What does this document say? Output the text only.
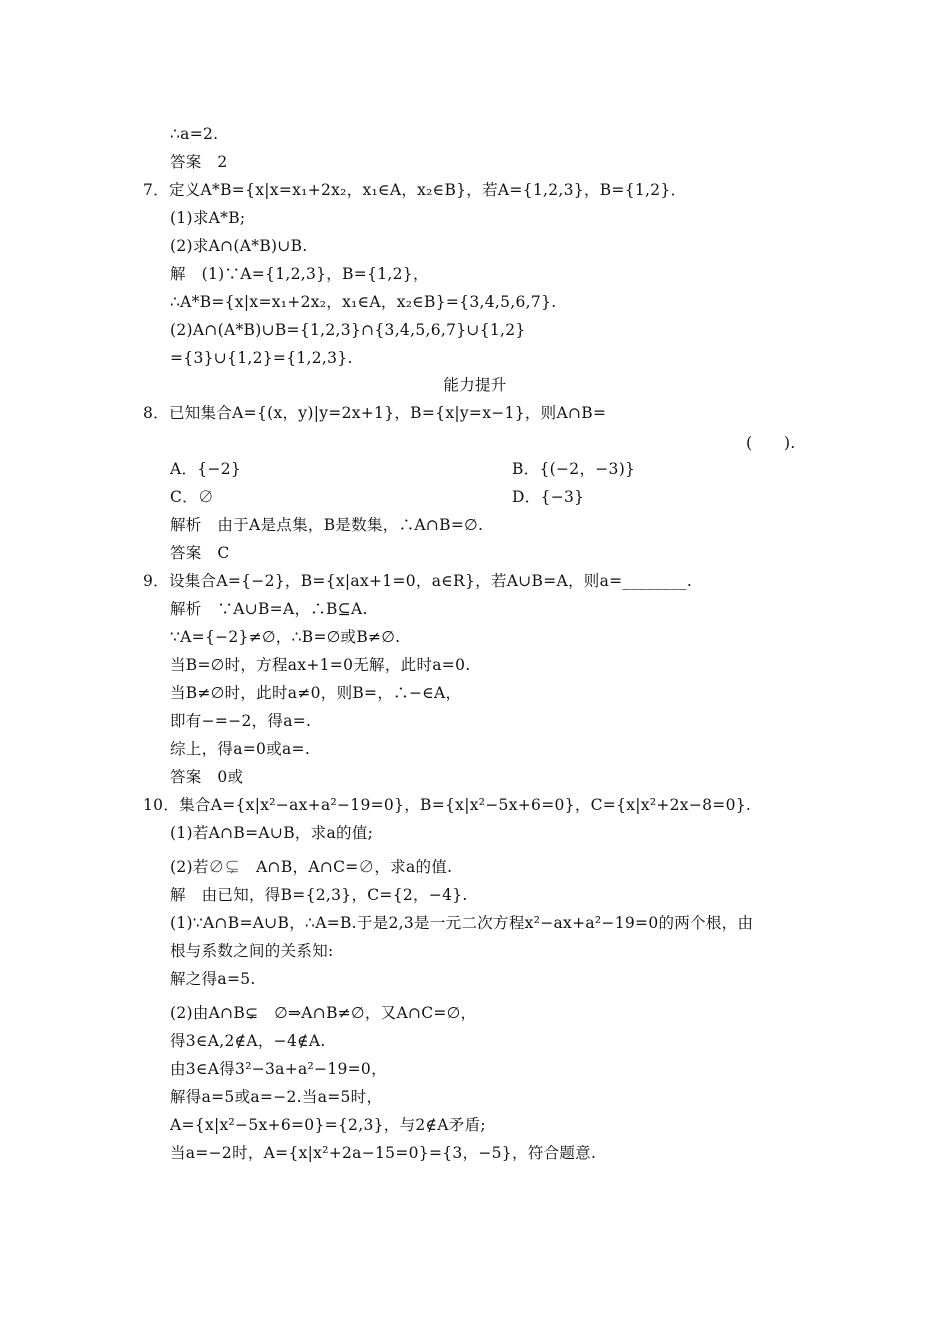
∴a=2.
答案　2
7．定义A*B={x|x=x₁+2x₂，x₁∈A，x₂∈B}，若A={1,2,3}，B={1,2}．
(1)求A*B;
(2)求A∩(A*B)∪B.
解　(1)∵A={1,2,3}，B={1,2}，
∴A*B={x|x=x₁+2x₂，x₁∈A，x₂∈B}={3,4,5,6,7}.
(2)A∩(A*B)∪B={1,2,3}∩{3,4,5,6,7}∪{1,2}
={3}∪{1,2}={1,2,3}.
能力提升
8．已知集合A={(x，y)|y=2x+1}，B={x|y=x−1}，则A∩B=
(　　).
A．{−2}	B．{(−2，−3)}
C．∅	D．{−3}
解析　由于A是点集，B是数集，∴A∩B=∅.
答案　C
9．设集合A={−2}，B={x|ax+1=0，a∈R}，若A∪B=A，则a=________.
解析　∵A∪B=A，∴B⊆A.
∵A={−2}≠∅，∴B=∅或B≠∅.
当B=∅时，方程ax+1=0无解，此时a=0.
当B≠∅时，此时a≠0，则B=，∴−∈A，
即有−=−2，得a=.
综上，得a=0或a=.
答案　0或
10．集合A={x|x²−ax+a²−19=0}，B={x|x²−5x+6=0}，C={x|x²+2x−8=0}.
(1)若A∩B=A∪B，求a的值;
(2)若∅⊊　A∩B，A∩C=∅，求a的值.
解　由已知，得B={2,3}，C={2，−4}.
(1)∵A∩B=A∪B，∴A=B.于是2,3是一元二次方程x²−ax+a²−19=0的两个根，由
根与系数之间的关系知:
解之得a=5.
(2)由A∩B⊊　∅⇒A∩B≠∅，又A∩C=∅，
得3∈A,2∉A，−4∉A.
由3∈A得3²−3a+a²−19=0，
解得a=5或a=−2.当a=5时，
A={x|x²−5x+6=0}={2,3}，与2∉A矛盾;
当a=−2时，A={x|x²+2a−15=0}={3，−5}，符合题意.
